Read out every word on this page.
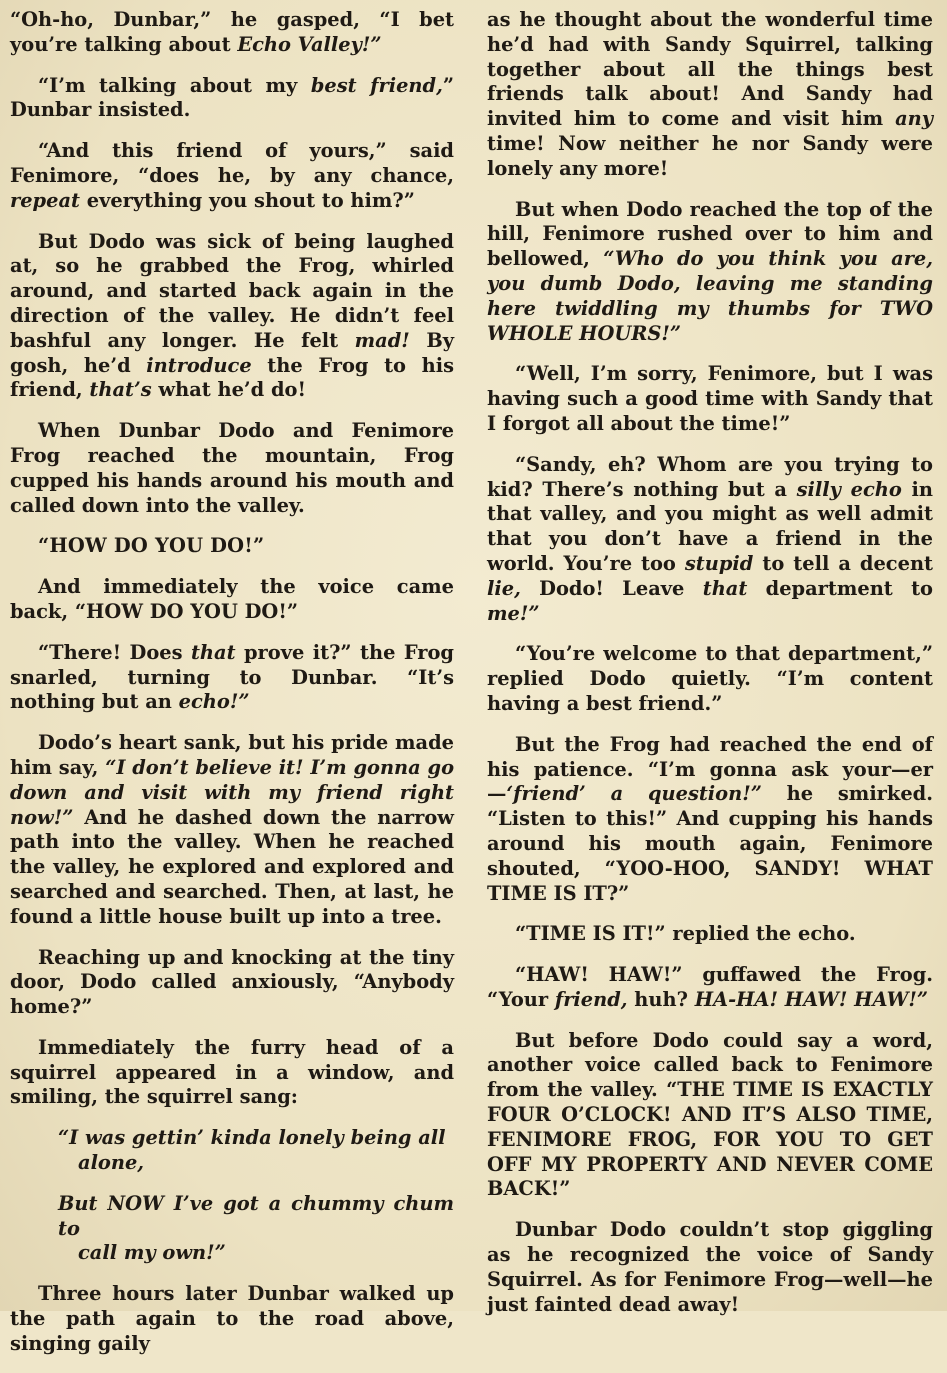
“Oh-ho, Dunbar,” he gasped, “I bet you’re talking about Echo Valley!”

“I’m talking about my best friend,” Dunbar insisted.

“And this friend of yours,” said Fenimore, “does he, by any chance, repeat everything you shout to him?”

But Dodo was sick of being laughed at, so he grabbed the Frog, whirled around, and started back again in the direction of the valley. He didn’t feel bashful any longer. He felt mad! By gosh, he’d introduce the Frog to his friend, that’s what he’d do!

When Dunbar Dodo and Fenimore Frog reached the mountain, Frog cupped his hands around his mouth and called down into the valley.

“HOW DO YOU DO!”

And immediately the voice came back, “HOW DO YOU DO!”

“There! Does that prove it?” the Frog snarled, turning to Dunbar. “It’s nothing but an echo!”

Dodo’s heart sank, but his pride made him say, “I don’t believe it! I’m gonna go down and visit with my friend right now!” And he dashed down the narrow path into the valley. When he reached the valley, he explored and explored and searched and searched. Then, at last, he found a little house built up into a tree.

Reaching up and knocking at the tiny door, Dodo called anxiously, “Anybody home?”

Immediately the furry head of a squirrel appeared in a window, and smiling, the squirrel sang:

“I was gettin’ kinda lonely being all
alone,

But NOW I’ve got a chummy chum to
call my own!”

Three hours later Dunbar walked up the path again to the road above, singing gaily

as he thought about the wonderful time he’d had with Sandy Squirrel, talking together about all the things best friends talk about! And Sandy had invited him to come and visit him any time! Now neither he nor Sandy were lonely any more!

But when Dodo reached the top of the hill, Fenimore rushed over to him and bellowed, “Who do you think you are, you dumb Dodo, leaving me standing here twiddling my thumbs for TWO WHOLE HOURS!”

“Well, I’m sorry, Fenimore, but I was having such a good time with Sandy that I forgot all about the time!”

“Sandy, eh? Whom are you trying to kid? There’s nothing but a silly echo in that valley, and you might as well admit that you don’t have a friend in the world. You’re too stupid to tell a decent lie, Dodo! Leave that department to me!”

“You’re welcome to that department,” replied Dodo quietly. “I’m content having a best friend.”

But the Frog had reached the end of his patience. “I’m gonna ask your—er—‘friend’ a question!” he smirked. “Listen to this!” And cupping his hands around his mouth again, Fenimore shouted, “YOO-HOO, SANDY! WHAT TIME IS IT?”

“TIME IS IT!” replied the echo.

“HAW! HAW!” guffawed the Frog. “Your friend, huh? HA-HA! HAW! HAW!”

But before Dodo could say a word, another voice called back to Fenimore from the valley. “THE TIME IS EXACTLY FOUR O’CLOCK! AND IT’S ALSO TIME, FENIMORE FROG, FOR YOU TO GET OFF MY PROPERTY AND NEVER COME BACK!”

Dunbar Dodo couldn’t stop giggling as he recognized the voice of Sandy Squirrel. As for Fenimore Frog—well—he just fainted dead away!
